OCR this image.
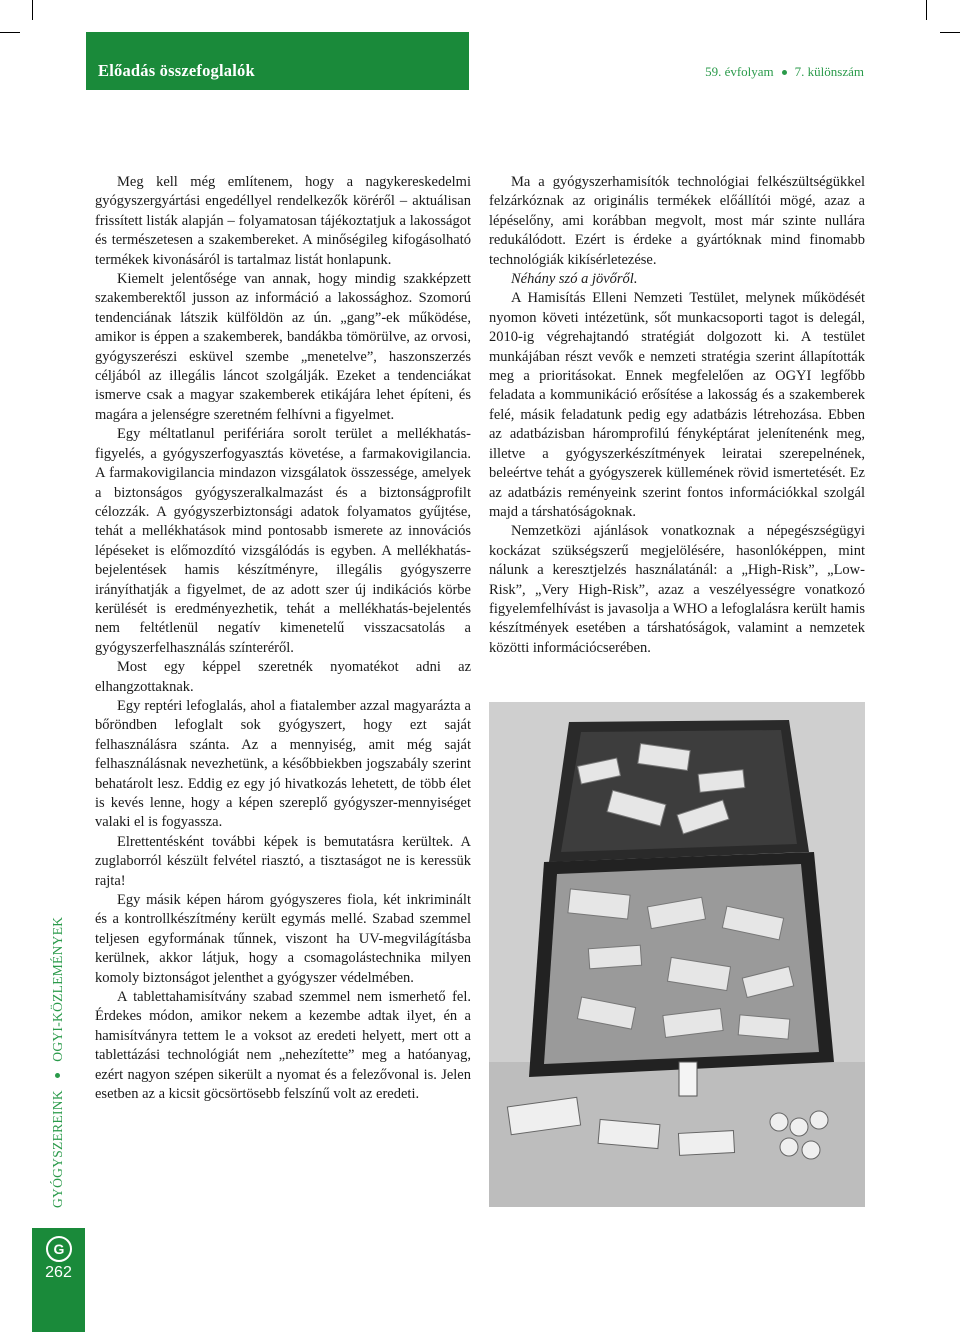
Előadás összefoglalók	59. évfolyam 7. különszám
GYÓGYSZEREINK  OGYI-KÖZLEMÉNYEK
G
262

Meg kell még említenem, hogy a nagykereskedelmi gyógyszergyártási engedéllyel rendelkezők köréről – aktuálisan frissített listák alapján – folyamatosan tájékoztatjuk a lakosságot és természetesen a szakembereket. A minőségileg kifogásolható termékek kivonásáról is tartalmaz listát honlapunk.

Kiemelt jelentősége van annak, hogy mindig szakképzett szakemberektől jusson az információ a lakossághoz. Szomorú tendenciának látszik külföldön az ún. „gang”-ek működése, amikor is éppen a szakemberek, bandákba tömörülve, az orvosi, gyógyszerészi esküvel szembe „menetelve”, haszonszerzés céljából az illegális láncot szolgálják. Ezeket a tendenciákat ismerve csak a magyar szakemberek etikájára lehet építeni, és magára a jelenségre szeretném felhívni a figyelmet.

Egy méltatlanul perifériára sorolt terület a mellékhatás-figyelés, a gyógyszerfogyasztás követése, a farmakovigilancia. A farmakovigilancia mindazon vizsgálatok összessége, amelyek a biztonságos gyógyszeralkalmazást és a biztonságprofilt célozzák. A gyógyszerbiztonsági adatok folyamatos gyűjtése, tehát a mellékhatások mind pontosabb ismerete az innovációs lépéseket is előmozdító vizsgálódás is egyben. A mellékhatás-bejelentések hamis készítményre, illegális gyógyszerre irányíthatják a figyelmet, de az adott szer új indikációs körbe kerülését is eredményezhetik, tehát a mellékhatás-bejelentés nem feltétlenül negatív kimenetelű visszacsatolás a gyógyszerfelhasználás színteréről.

Most egy képpel szeretnék nyomatékot adni az elhangzottaknak.

Egy reptéri lefoglalás, ahol a fiatalember azzal magyarázta a bőröndben lefoglalt sok gyógyszert, hogy ezt saját felhasználásra szánta. Az a mennyiség, amit még saját felhasználásnak nevezhetünk, a későbbiekben jogszabály szerint behatárolt lesz. Eddig ez egy jó hivatkozás lehetett, de több élet is kevés lenne, hogy a képen szereplő gyógyszer-mennyiséget valaki el is fogyassza.

Elrettentésként további képek is bemutatásra kerültek. A zuglaborról készült felvétel riasztó, a tisztaságot ne is keressük rajta!

Egy másik képen három gyógyszeres fiola, két inkriminált és a kontrollkészítmény került egymás mellé. Szabad szemmel teljesen egyformának tűnnek, viszont ha UV-megvilágításba kerülnek, akkor látjuk, hogy a csomagolástechnika milyen komoly biztonságot jelenthet a gyógyszer védelmében.

A tablettahamisítvány szabad szemmel nem ismerhető fel. Érdekes módon, amikor nekem a kezembe adtak ilyet, én a hamisítványra tettem le a voksot az eredeti helyett, mert ott a tablettázási technológiát nem „nehezítette” meg a hatóanyag, ezért nagyon szépen sikerült a nyomat és a felezővonal is. Jelen esetben az a kicsit göcsörtösebb felszínű volt az eredeti.

Ma a gyógyszerhamisítók technológiai felkészültségükkel felzárkóznak az originális termékek előállítói mögé, azaz a lépéselőny, ami korábban megvolt, most már szinte nullára redukálódott. Ezért is érdeke a gyártóknak mind finomabb technológiák kikísérletezése.

Néhány szó a jövőről.

A Hamisítás Elleni Nemzeti Testület, melynek működését nyomon követi intézetünk, sőt munkacsoporti tagot is delegál, 2010-ig végrehajtandó stratégiát dolgozott ki. A testület munkájában részt vevők e nemzeti stratégia szerint állapították meg a prioritásokat. Ennek megfelelően az OGYI legfőbb feladata a kommunikáció erősítése a lakosság és a szakemberek felé, másik feladatunk pedig egy adatbázis létrehozása. Ebben az adatbázisban háromprofilú fényképtárat jelenítenénk meg, illetve a gyógyszerkészítmények leiratai szerepelnének, beleértve tehát a gyógyszerek küllemének rövid ismertetését. Ez az adatbázis reményeink szerint fontos információkkal szolgál majd a társhatóságoknak.

Nemzetközi ajánlások vonatkoznak a népegészségügyi kockázat szükségszerű megjelölésére, hasonlóképpen, mint nálunk a keresztjelzés használatánál: a „High-Risk”, „Low-Risk”, „Very High-Risk”, azaz a veszélyességre vonatkozó figyelemfelhívást is javasolja a WHO a lefoglalásra került hamis készítmények esetében a társhatóságok, valamint a nemzetek közötti információcserében.
